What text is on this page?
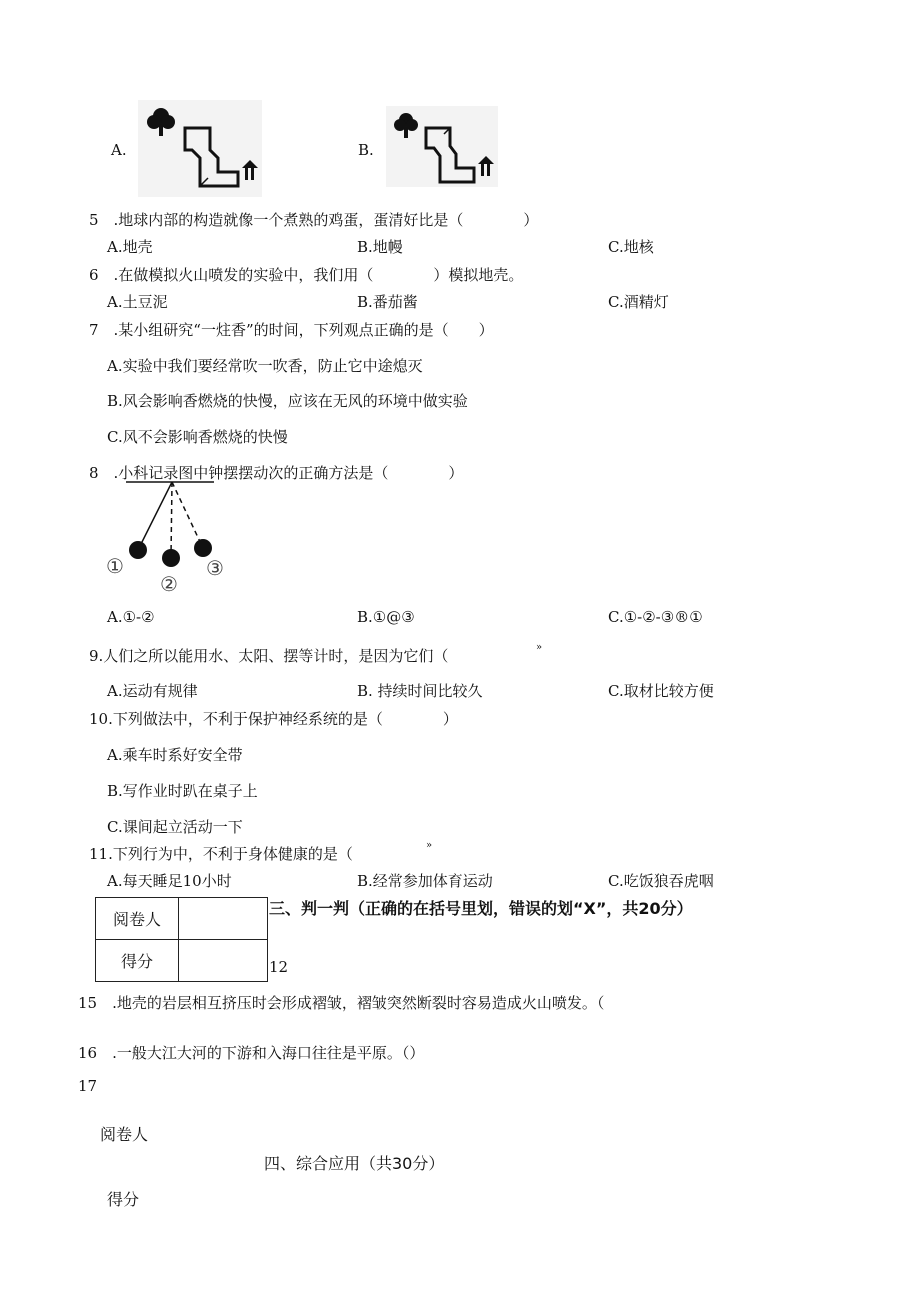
A.	B.
5　.地球内部的构造就像一个煮熟的鸡蛋，蛋清好比是（　　　　）
A.地壳	B.地幔	C.地核
6　.在做模拟火山喷发的实验中，我们用（　　　　）模拟地壳。
A.土豆泥	B.番茄酱	C.酒精灯
7　.某小组研究“一炷香”的时间，下列观点正确的是（　　）
A.实验中我们要经常吹一吹香，防止它中途熄灭
B.风会影响香燃烧的快慢，应该在无风的环境中做实验
C.风不会影响香燃烧的快慢
8　.小科记录图中钟摆摆动次的正确方法是（　　　　）
①
②
③
A.①-②	B.①@③	C.①-②-③®①
9.人们之所以能用水、太阳、摆等计时，是因为它们（	»
A.运动有规律	B. 持续时间比较久	C.取材比较方便
10.下列做法中，不利于保护神经系统的是（　　　　）
A.乘车时系好安全带
B.写作业时趴在桌子上
C.课间起立活动一下
11.下列行为中，不利于身体健康的是（	»
A.每天睡足10小时	B.经常参加体育运动	C.吃饭狼吞虎咽
阅卷人	
得分	
三、判一判（正确的在括号里划，错误的划“X”，共20分）
12
15　.地壳的岩层相互挤压时会形成褶皱，褶皱突然断裂时容易造成火山喷发。（
16　.一般大江大河的下游和入海口往往是平原。（）
17
阅卷人
四、综合应用（共30分）
得分
